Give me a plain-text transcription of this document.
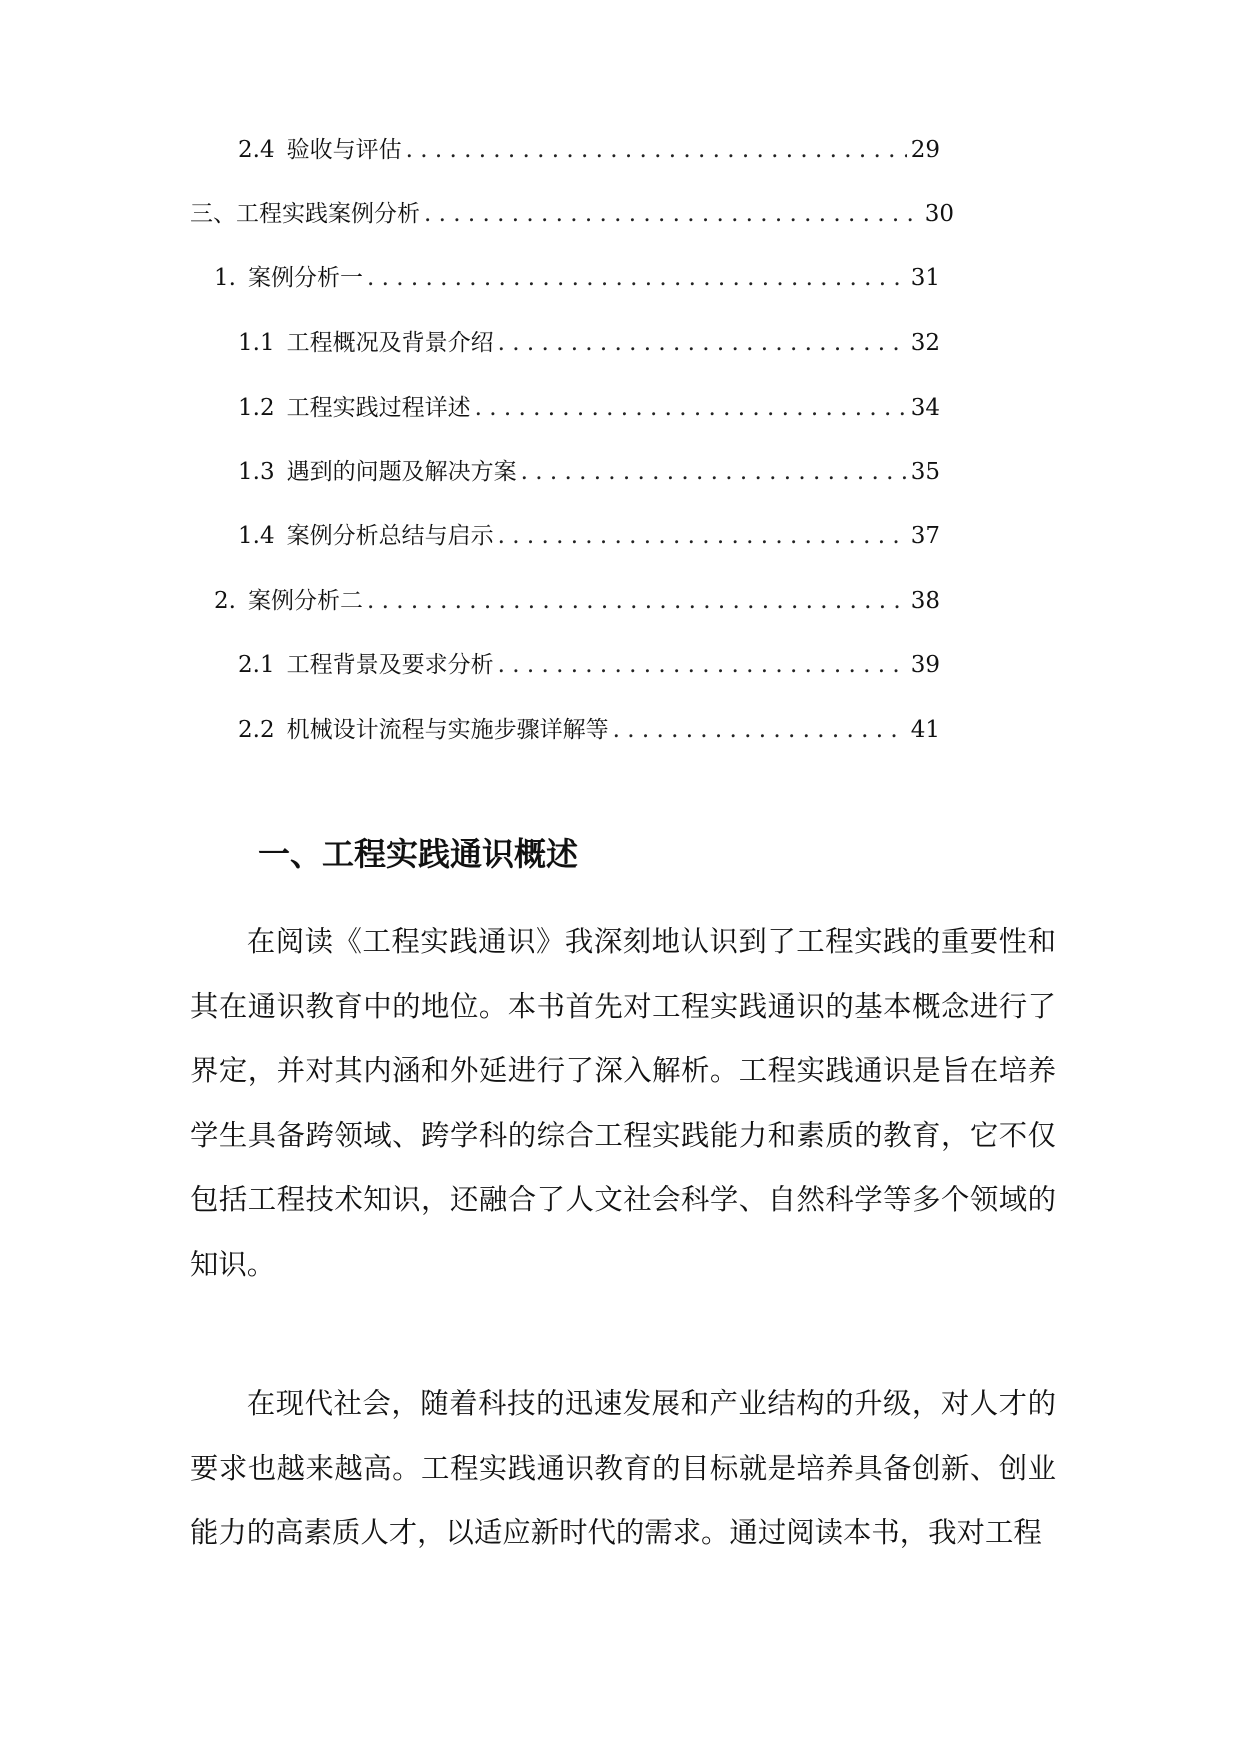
2.4 验收与评估 . . .	29
三、工程实践案例分析 . . .	30
1. 案例分析一 . . .	31
1.1 工程概况及背景介绍 . . .	32
1.2 工程实践过程详述 . . .	34
1.3 遇到的问题及解决方案 . . .	35
1.4 案例分析总结与启示 . . .	37
2. 案例分析二 . . .	38
2.1 工程背景及要求分析 . . .	39
2.2 机械设计流程与实施步骤详解等 . . .	41
一、工程实践通识概述

在阅读《工程实践通识》我深刻地认识到了工程实践的重要性和其在通识教育中的地位。本书首先对工程实践通识的基本概念进行了界定，并对其内涵和外延进行了深入解析。工程实践通识是旨在培养学生具备跨领域、跨学科的综合工程实践能力和素质的教育，它不仅包括工程技术知识，还融合了人文社会科学、自然科学等多个领域的知识。

在现代社会，随着科技的迅速发展和产业结构的升级，对人才的要求也越来越高。工程实践通识教育的目标就是培养具备创新、创业能力的高素质人才，以适应新时代的需求。通过阅读本书，我对工程
